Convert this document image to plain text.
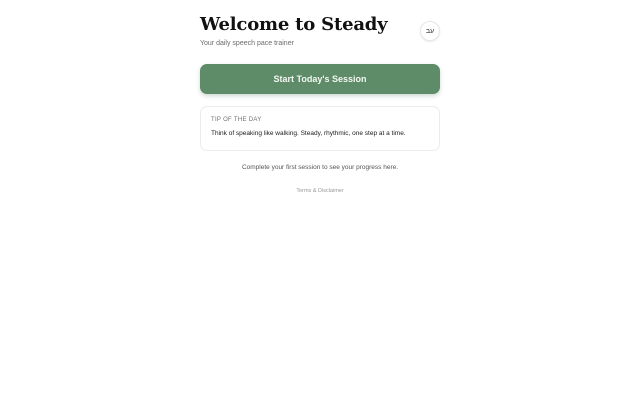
Welcome to Steady
Your daily speech pace trainer
עב
Start Today's Session
TIP OF THE DAY
Think of speaking like walking. Steady, rhythmic, one step at a time.
Complete your first session to see your progress here.
Terms & Disclaimer
